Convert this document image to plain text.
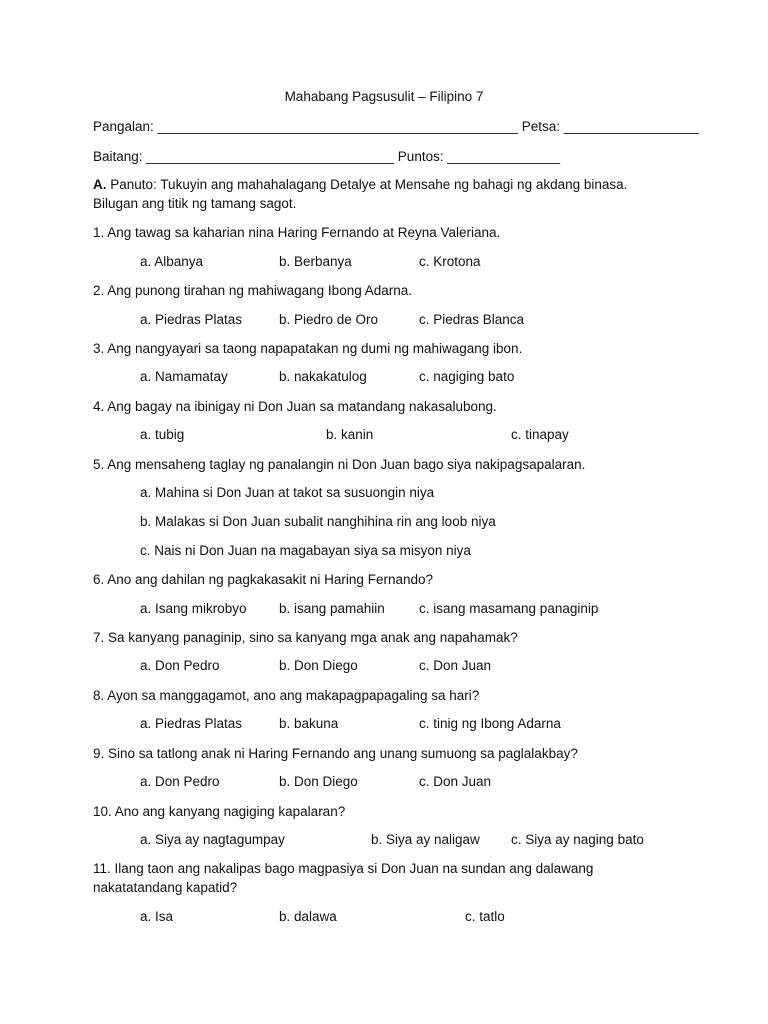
Mahabang Pagsusulit – Filipino 7
Pangalan: ________________________________________________ Petsa: __________________
Baitang: _________________________________ Puntos: _______________
A. Panuto: Tukuyin ang mahahalagang Detalye at Mensahe ng bahagi ng akdang binasa.
Bilugan ang titik ng tamang sagot.
1. Ang tawag sa kaharian nina Haring Fernando at Reyna Valeriana.
a. Albanya	b. Berbanya	c. Krotona
2. Ang punong tirahan ng mahiwagang Ibong Adarna.
a. Piedras Platas	b. Piedro de Oro	c. Piedras Blanca
3. Ang nangyayari sa taong napapatakan ng dumi ng mahiwagang ibon.
a. Namamatay	b. nakakatulog	c. nagiging bato
4. Ang bagay na ibinigay ni Don Juan sa matandang nakasalubong.
a. tubig	b. kanin	c. tinapay
5. Ang mensaheng taglay ng panalangin ni Don Juan bago siya nakipagsapalaran.
a. Mahina si Don Juan at takot sa susuongin niya
b. Malakas si Don Juan subalit nanghihina rin ang loob niya
c. Nais ni Don Juan na magabayan siya sa misyon niya
6. Ano ang dahilan ng pagkakasakit ni Haring Fernando?
a. Isang mikrobyo b. isang pamahiin	c. isang masamang panaginip
7. Sa kanyang panaginip, sino sa kanyang mga anak ang napahamak?
a. Don Pedro	b. Don Diego	c. Don Juan
8. Ayon sa manggagamot, ano ang makapagpapagaling sa hari?
a. Piedras Platas	b. bakuna	c. tinig ng Ibong Adarna
9. Sino sa tatlong anak ni Haring Fernando ang unang sumuong sa paglalakbay?
a. Don Pedro	b. Don Diego	c. Don Juan
10. Ano ang kanyang nagiging kapalaran?
a. Siya ay nagtagumpay	b. Siya ay naligaw c. Siya ay naging bato
11. Ilang taon ang nakalipas bago magpasiya si Don Juan na sundan ang dalawang
nakatatandang kapatid?
a. Isa	b. dalawa	c. tatlo
